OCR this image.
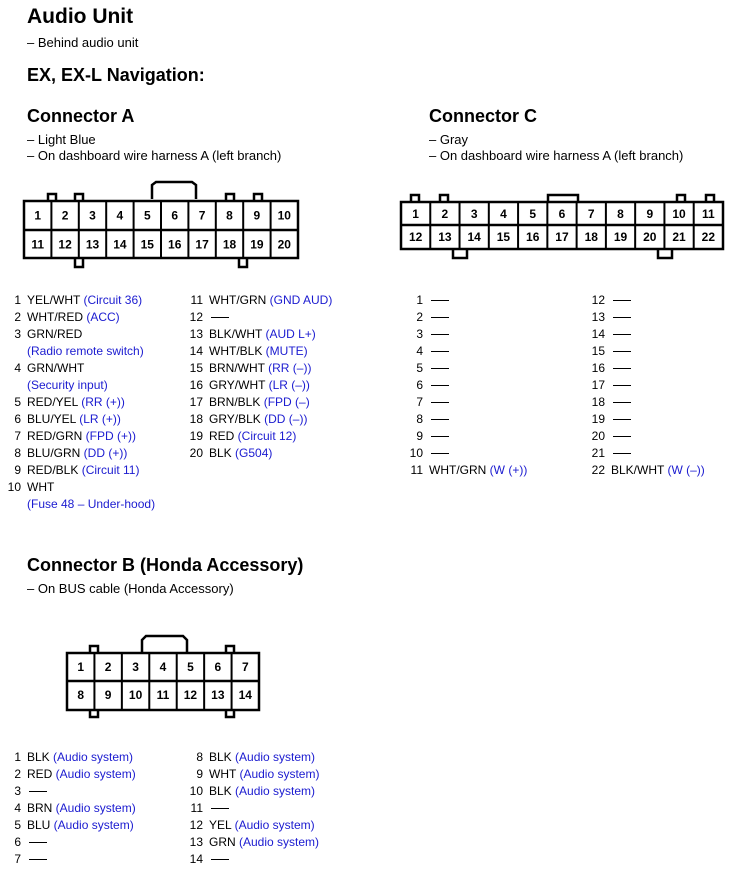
Audio Unit
– Behind audio unit
EX, EX-L Navigation:
Connector A
– Light Blue
– On dashboard wire harness A (left branch)
Connector C
– Gray
– On dashboard wire harness A (left branch)
Connector B (Honda Accessory)
– On BUS cable (Honda Accessory)
1 2 3 4 5 6 7 8 9 10
11 12 13 14 15 16 17 18 19 20
1 2 3 4 5 6 7 8 9 10 11
12 13 14 15 16 17 18 19 20 21 22
1 2 3 4 5 6 7
8 9 10 11 12 13 14
1 YEL/WHT (Circuit 36)
2 WHT/RED (ACC)
3 GRN/RED
(Radio remote switch)
4 GRN/WHT
(Security input)
5 RED/YEL (RR (+))
6 BLU/YEL (LR (+))
7 RED/GRN (FPD (+))
8 BLU/GRN (DD (+))
9 RED/BLK (Circuit 11)
10 WHT
(Fuse 48 – Under-hood)
11 WHT/GRN (GND AUD)
12
13 BLK/WHT (AUD L+)
14 WHT/BLK (MUTE)
15 BRN/WHT (RR (–))
16 GRY/WHT (LR (–))
17 BRN/BLK (FPD (–)
18 GRY/BLK (DD (–))
19 RED (Circuit 12)
20 BLK (G504)
1
2
3
4
5
6
7
8
9
10
11 WHT/GRN (W (+))
12
13
14
15
16
17
18
19
20
21
22 BLK/WHT (W (–))
1 BLK (Audio system)
2 RED (Audio system)
3
4 BRN (Audio system)
5 BLU (Audio system)
6
7
8 BLK (Audio system)
9 WHT (Audio system)
10 BLK (Audio system)
11
12 YEL (Audio system)
13 GRN (Audio system)
14
